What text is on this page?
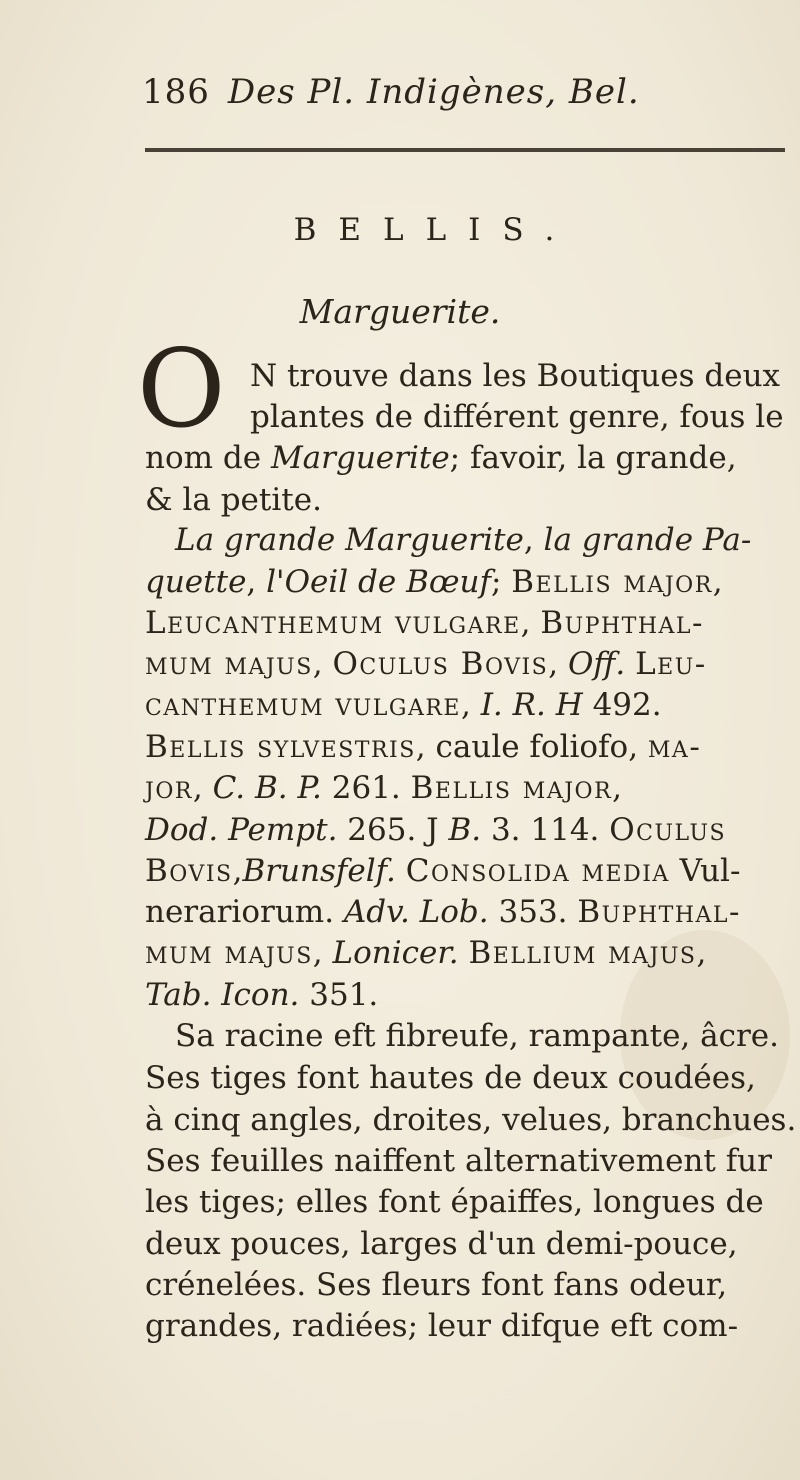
186 Des Pl. Indigènes, Bel.
BELLIS.
Marguerite.
O N trouve dans les Boutiques deux
plantes de différent genre, fous le
nom de Marguerite; favoir, la grande,
& la petite.
La grande Marguerite, la grande Pa-
quette, l'Oeil de Bœuf; Bellis major,
Leucanthemum vulgare, Buphthal-
mum majus, Oculus Bovis, Off. Leu-
canthemum vulgare, I. R. H 492.
Bellis sylvestris, caule foliofo, ma-
jor, C. B. P. 261. Bellis major,
Dod. Pempt. 265. J B. 3. 114. Oculus
Bovis,Brunsfelf. Consolida media Vul-
nerariorum. Adv. Lob. 353. Buphthal-
mum majus, Lonicer. Bellium majus,
Tab. Icon. 351.
Sa racine eft fibreufe, rampante, âcre.
Ses tiges font hautes de deux coudées,
à cinq angles, droites, velues, branchues.
Ses feuilles naiffent alternativement fur
les tiges; elles font épaiffes, longues de
deux pouces, larges d'un demi-pouce,
crénelées. Ses fleurs font fans odeur,
grandes, radiées; leur difque eft com-
